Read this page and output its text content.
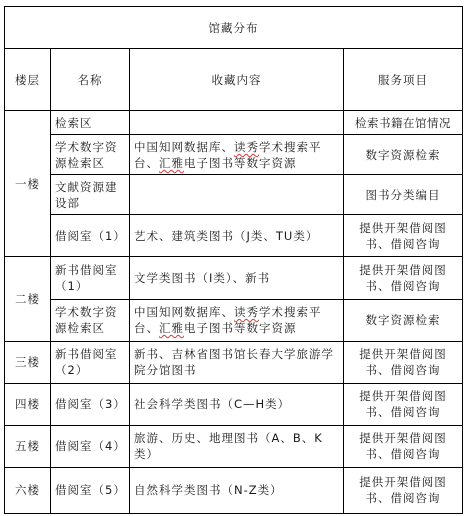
馆藏分布			
楼层	名称	收藏内容	服务项目
一楼	检索区		检索书籍在馆情况
	学术数字资源检索区	中国知网数据库、读秀学术搜索平台、汇雅电子图书等数字资源	数字资源检索
	文献资源建设部		图书分类编目
	借阅室（1）	艺术、建筑类图书（J类、TU类）	提供开架借阅图书、借阅咨询
二楼	新书借阅室（1）	文学类图书（I类）、新书	提供开架借阅图书、借阅咨询
	学术数字资源检索区	中国知网数据库、读秀学术搜索平台、汇雅电子图书等数字资源	数字资源检索
三楼	新书借阅室（2）	新书、吉林省图书馆长春大学旅游学院分馆图书	提供开架借阅图书、借阅咨询
四楼	借阅室（3）	社会科学类图书（C—H类）	提供开架借阅图书、借阅咨询
五楼	借阅室（4）	旅游、历史、地理图书（A、B、K类）	提供开架借阅图书、借阅咨询
六楼	借阅室（5）	自然科学类图书（N-Z类）	提供开架借阅图书、借阅咨询
